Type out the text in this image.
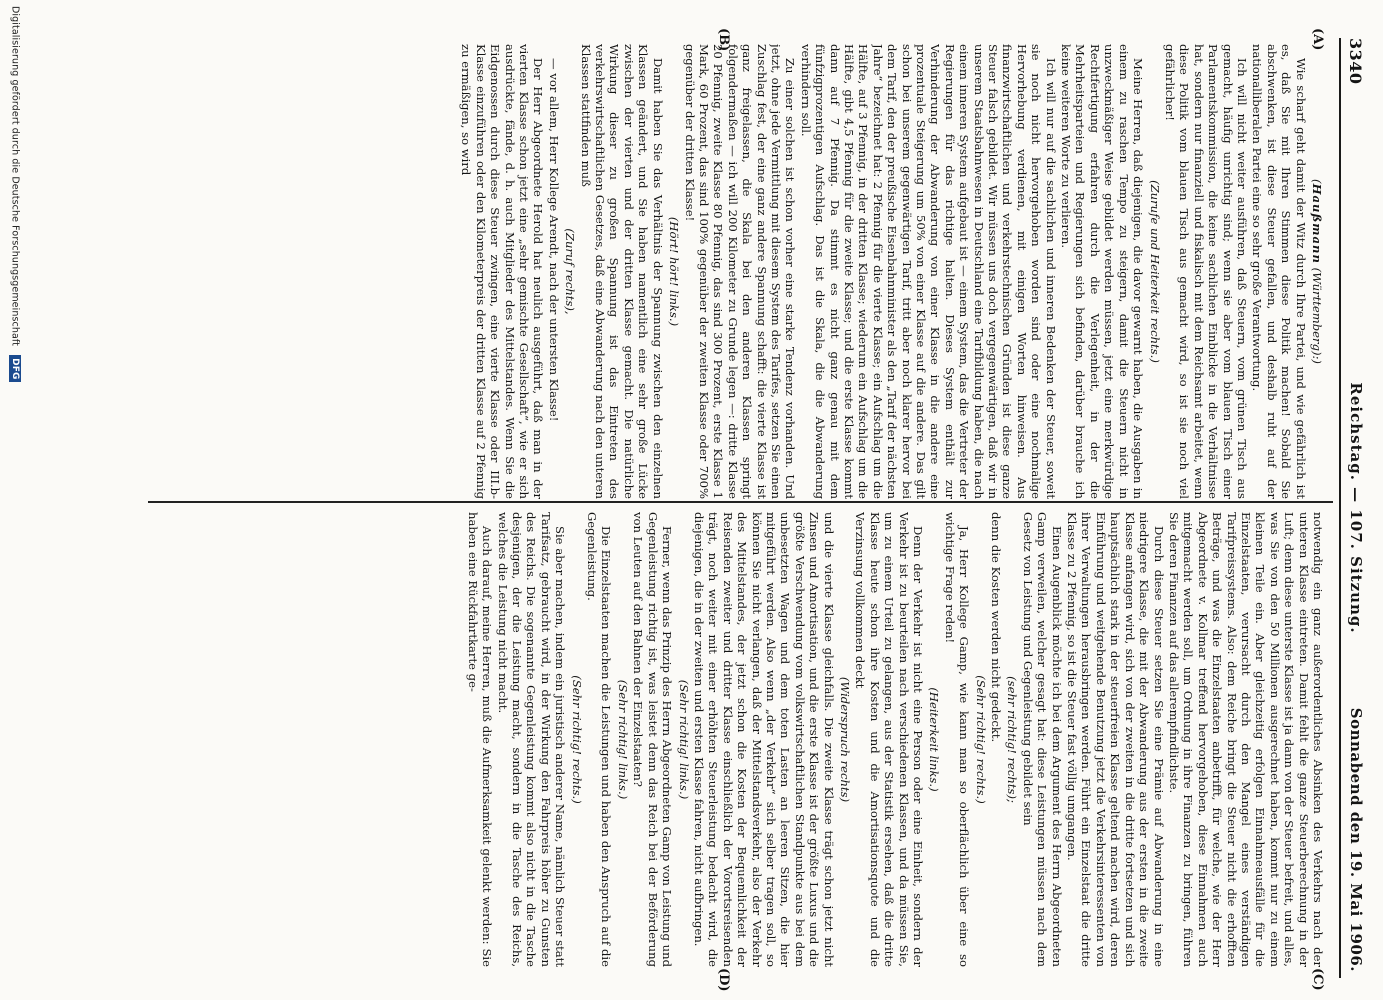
3340
Reichstag. — 107. Sitzung.
Sonnabend den 19. Mai 1906.
(A)
(B)
(C)
(D)

(Haußmann (Württemberg):)

Wie scharf geht damit der Witz durch Ihre Partei, und wie gefährlich ist es, daß Sie mit Ihren Stimmen diese Politik machen! Sobald Sie abschwenken, ist diese Steuer gefallen, und deshalb ruht auf der nationalliberalen Partei eine so sehr große Verantwortung.

Ich will nicht weiter ausführen, daß Steuern, vom grünen Tisch aus gemacht, häufig unrichtig sind; wenn sie aber vom blauen Tisch einer Parlamentskommission, die keine sachlichen Einblicke in die Verhältnisse hat, sondern nur finanziell und fiskalisch mit dem Reichsamt arbeitet, wenn diese Politik vom blauen Tisch aus gemacht wird, so ist sie noch viel gefährlicher!

(Zurufe und Heiterkeit rechts.)

Meine Herren, daß diejenigen, die davor gewarnt haben, die Ausgaben in einem zu raschen Tempo zu steigern, damit die Steuern nicht in unzweckmäßiger Weise gebildet werden müssen, jetzt eine merkwürdige Rechtfertigung erfahren durch die Verlegenheit, in der die Mehrheitsparteien und Regierungen sich befinden, darüber brauche ich keine weiteren Worte zu verlieren.

Ich will nur auf die sachlichen und inneren Bedenken der Steuer, soweit sie noch nicht hervorgehoben worden sind oder eine nochmalige Hervorhebung verdienen, mit einigen Worten hinweisen. Aus finanzwirtschaftlichen und verkehrstechnischen Gründen ist diese ganze Steuer falsch gebildet. Wir müssen uns doch vergegenwärtigen, daß wir in unserem Staatsbahnwesen in Deutschland eine Tarifbildung haben, die nach einem inneren System aufgebaut ist — einem System, das die Vertreter der Regierungen für das richtige halten. Dieses System enthält zur Verhinderung der Abwanderung von einer Klasse in die andere eine prozentuale Steigerung um 50% von einer Klasse auf die andere. Das gilt schon bei unserem gegenwärtigen Tarif, tritt aber noch klarer hervor bei dem Tarif, den der preußische Eisenbahnminister als den „Tarif der nächsten Jahre“ bezeichnet hat: 2 Pfennig für die vierte Klasse; ein Aufschlag um die Hälfte, auf 3 Pfennig, in der dritten Klasse; wiederum ein Aufschlag um die Hälfte, gibt 4,5 Pfennig für die zweite Klasse; und die erste Klasse kommt dann auf 7 Pfennig. Da stimmt es nicht ganz genau mit dem fünfzigprozentigen Aufschlag. Das ist die Skala, die die Abwanderung verhindern soll.

Zu einer solchen ist schon vorher eine starke Tendenz vorhanden. Und jetzt, ohne jede Vermittlung mit diesem System des Tarifes, setzen Sie einen Zuschlag fest, der eine ganz andere Spannung schafft: die vierte Klasse ist ganz freigelassen, die Skala bei den anderen Klassen springt folgendermaßen — ich will 200 Kilometer zu Grunde legen —: dritte Klasse 20 Pfennig, zweite Klasse 80 Pfennig, das sind 300 Prozent, erste Klasse 1 Mark, 60 Prozent, das sind 100% gegenüber der zweiten Klasse oder 700% gegenüber der dritten Klasse!

(Hört! hört! links.)

Damit haben Sie das Verhältnis der Spannung zwischen den einzelnen Klassen geändert, und Sie haben namentlich eine sehr große Lücke zwischen der vierten und der dritten Klasse gemacht. Die natürliche Wirkung dieser zu großen Spannung ist das Eintreten des verkehrswirtschaftlichen Gesetzes, daß eine Abwanderung nach den unteren Klassen stattfinden muß

(Zuruf rechts),

— vor allem, Herr Kollege Arendt, nach der untersten Klasse!

Der Herr Abgeordnete Herold hat neulich ausgeführt, daß man in der vierten Klasse schon jetzt eine „sehr gemischte Gesellschaft“, wie er sich ausdrückte, fände, d. h. auch Mitglieder des Mittelstandes. Wenn Sie die Eidgenossen durch diese Steuer zwingen, eine vierte Klasse oder III.b-Klasse einzuführen oder den Kilometerpreis der dritten Klasse auf 2 Pfennig zu ermäßigen, so wird

notwendig ein ganz außerordentliches Absinken des Verkehrs nach der unteren Klasse eintreten. Damit fehlt die ganze Steuerberechnung in der Luft; denn diese unterste Klasse ist ja dann von der Steuer befreit, und alles, was Sie von den 50 Millionen ausgerechnet haben, kommt nur zu einem kleinen Teile ein. Aber gleichzeitig erfolgen Einnahmeausfälle für die Einzelstaaten, verursacht durch den Mangel eines verständigen Tarifpreissystems. Also: dem Reiche bringt die Steuer nicht die erhofften Beträge, und was die Einzelstaaten anbetrifft, für welche, wie der Herr Abgeordnete v. Kollmar treffend hervorgehoben, diese Einnahmen auch mitgemacht werden soll, um Ordnung in ihre Finanzen zu bringen, führen Sie deren Finanzen auf das allerempfindlichste.

Durch diese Steuer setzen Sie eine Prämie auf Abwanderung in eine niedrigere Klasse, die mit der Abwanderung aus der ersten in die zweite Klasse anfangen wird, sich von der zweiten in die dritte fortsetzen und sich hauptsächlich stark in der steuerfreien Klasse geltend machen wird, deren Einführung und weitgehende Benutzung jetzt die Verkehrsinteressenten von ihrer Verwaltungen herausbringen werden. Führt ein Einzelstaat die dritte Klasse zu 2 Pfennig, so ist die Steuer fast völlig umgangen.

Einen Augenblick möchte ich bei dem Argument des Herrn Abgeordneten Gamp verweilen, welcher gesagt hat: diese Leistungen müssen nach dem Gesetz von Leistung und Gegenleistung gebildet sein

(sehr richtig! rechts);

denn die Kosten werden nicht gedeckt.

(Sehr richtig! rechts.)

Ja, Herr Kollege Gamp, wie kann man so oberflächlich über eine so wichtige Frage reden!

(Heiterkeit links.)

Denn der Verkehr ist nicht eine Person oder eine Einheit, sondern der Verkehr ist zu beurteilen nach verschiedenen Klassen, und da müssen Sie, um zu einem Urteil zu gelangen, aus der Statistik ersehen, daß die dritte Klasse heute schon ihre Kosten und die Amortisationsquote und die Verzinsung vollkommen deckt

(Widerspruch rechts)

und die vierte Klasse gleichfalls. Die zweite Klasse trägt schon jetzt nicht Zinsen und Amortisation, und die erste Klasse ist der größte Luxus und die größte Verschwendung vom volkswirtschaftlichen Standpunkte aus bei dem unbesetzten Wagen und dem toten Lasten an leeren Sitzen, die hier mitgeführt werden. Also wenn „der Verkehr“ sich selber tragen soll, so können Sie nicht verlangen, daß der Mittelstandsverkehr, also der Verkehr des Mittelstandes, der jetzt schon die Kosten der Bequemlichkeit der Reisenden zweiter und dritter Klasse einschließlich der Vorortsreisenden trägt, noch weiter mit einer erhöhten Steuerleistung bedacht wird, die diejenigen, die in der zweiten und ersten Klasse fahren, nicht aufbringen.

(Sehr richtig! links.)

Ferner, wenn das Prinzip des Herrn Abgeordneten Gamp von Leistung und Gegenleistung richtig ist, was leistet denn das Reich bei der Beförderung von Leuten auf den Bahnen der Einzelstaaten?

(Sehr richtig! links.)

Die Einzelstaaten machen die Leistungen und haben den Anspruch auf die Gegenleistung.

(Sehr richtig! rechts.)

Sie aber machen, indem ein juristisch anderer Name, nämlich Steuer statt Tarifsatz, gebraucht wird, in der Wirkung den Fahrpreis höher zu Gunsten des Reichs. Die sogenannte Gegenleistung kommt also nicht in die Tasche desjenigen, der die Leistung macht, sondern in die Tasche des Reichs, welches die Leistung nicht macht.

Auch darauf, meine Herren, muß die Aufmerksamkeit gelenkt werden: Sie haben eine Rückfahrtkarte ge-

Digitalisierung gefördert durch die Deutsche Forschungsgemeinschaft DFG
